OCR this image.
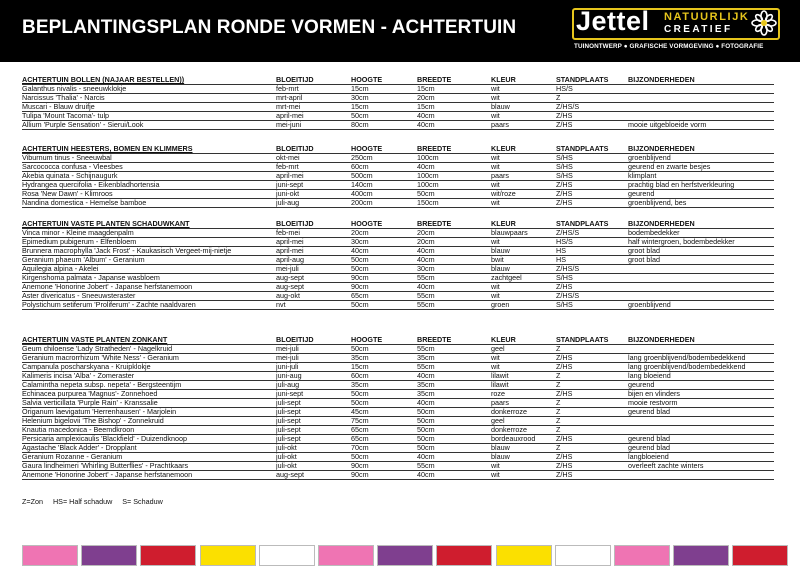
BEPLANTINGSPLAN RONDE VORMEN - ACHTERTUIN Jettel NATUURLIJK
CREATIEF
TUINONTWERP ● GRAFISCHE VORMGEVING ● FOTOGRAFIE
ACHTERTUIN BOLLEN (NAJAAR BESTELLEN))	BLOEITIJD	HOOGTE	BREEDTE	KLEUR	STANDPLAATS	BIJZONDERHEDEN
Galanthus nivalis - sneeuwklokje	feb-mrt	15cm	15cm	wit	HS/S	
Narcissus 'Thalia' - Narcis	mrt-april	30cm	20cm	wit	Z	
Muscari - Blauw druifje	mrt-mei	15cm	15cm	blauw	Z/HS/S	
Tulipa 'Mount Tacoma'- tulp	april-mei	50cm	40cm	wit	Z/HS	
Allium 'Purple Sensation' - Sierui/Look	mei-juni	80cm	40cm	paars	Z/HS	mooie uitgebloeide vorm
ACHTERTUIN HEESTERS, BOMEN EN KLIMMERS	BLOEITIJD	HOOGTE	BREEDTE	KLEUR	STANDPLAATS	BIJZONDERHEDEN
Viburnum tinus - Sneeuwbal	okt-mei	250cm	100cm	wit	S/HS	groenblijvend
Sarcococca confusa - Vleesbes	feb-mrt	60cm	40cm	wit	S/HS	geurend en zwarte besjes
Akebia quinata - Schijnaugurk	april-mei	500cm	100cm	paars	S/HS	klimplant
Hydrangea quercifolia - Eikenbladhortensia	juni-sept	140cm	100cm	wit	Z/HS	prachtig blad en herfstverkleuring
Rosa 'New Dawn' - Klimroos	juni-okt	400cm	50cm	wit/roze	Z/HS	geurend
Nandina domestica - Hemelse bamboe	juli-aug	200cm	150cm	wit	Z/HS	groenblijvend, bes
ACHTERTUIN VASTE PLANTEN SCHADUWKANT	BLOEITIJD	HOOGTE	BREEDTE	KLEUR	STANDPLAATS	BIJZONDERHEDEN
Vinca minor - Kleine maagdenpalm	feb-mei	20cm	20cm	blauwpaars	Z/HS/S	bodembedekker
Epimedium pubigerum - Elfenbloem	april-mei	30cm	20cm	wit	HS/S	half wintergroen, bodembedekker
Brunnera macrophylla 'Jack Frost' - Kaukasisch Vergeet-mij-nietje	april-mei	40cm	40cm	blauw	HS	groot blad
Geranium phaeum 'Album' - Geranium	april-aug	50cm	40cm	bwit	HS	groot blad
Aquilegia alpina - Akelei	mei-juli	50cm	30cm	blauw	Z/HS/S	
Kirgenshoma palmata - Japanse wasbloem	aug-sept	90cm	55cm	zachtgeel	S/HS	
Anemone 'Honorine Jobert' - Japanse herfstanemoon	aug-sept	90cm	40cm	wit	Z/HS	
Aster divericatus - Sneeuwsteraster	aug-okt	65cm	55cm	wit	Z/HS/S	
Polystichum setiferum 'Proliferum' - Zachte naaldvaren	nvt	50cm	55cm	groen	S/HS	groenblijvend
ACHTERTUIN VASTE PLANTEN ZONKANT	BLOEITIJD	HOOGTE	BREEDTE	KLEUR	STANDPLAATS	BIJZONDERHEDEN
Geum chiloense 'Lady Stratheden' - Nagelkruid	mei-juli	50cm	55cm	geel	Z	
Geranium macrorrhizum 'White Ness' - Geranium	mei-juli	35cm	35cm	wit	Z/HS	lang groenblijvend/bodembedekkend
Campanula poscharskyana - Kruipklokje	juni-juli	15cm	55cm	wit	Z/HS	lang groenblijvend/bodembedekkend
Kalimeris incisa 'Alba' - Zomeraster	juni-aug	60cm	40cm	lilawit	Z	lang bloeiend
Calamintha nepeta subsp. nepeta' - Bergsteentijm	juli-aug	35cm	35cm	lilawit	Z	geurend
Echinacea purpurea 'Magnus'- Zonnehoed	juni-sept	50cm	35cm	roze	Z/HS	bijen en vlinders
Salvia verticillata 'Purple Rain' - Kranssalie	juli-sept	50cm	40cm	paars	Z	mooie restvorm
Origanum laevigatum 'Herrenhausen' - Marjolein	juli-sept	45cm	50cm	donkerroze	Z	geurend blad
Helenium bigelovii 'The Bishop' - Zonnekruid	juli-sept	75cm	50cm	geel	Z	
Knautia macedonica - Beemdkroon	juli-sept	65cm	50cm	donkerroze	Z	
Persicaria amplexicaulis 'Blackfield' - Duizendknoop	juli-sept	65cm	50cm	bordeauxrood	Z/HS	geurend blad
Agastache 'Black Adder' - Dropplant	juli-okt	70cm	50cm	blauw	Z	geurend blad
Geranium Rozanne - Geranium	juli-okt	50cm	40cm	blauw	Z/HS	langbloeiend
Gaura lindheimeri 'Whirling Butterflies' - Prachtkaars	juli-okt	90cm	55cm	wit	Z/HS	overleeft zachte winters
Anemone 'Honorine Jobert' - Japanse herfstanemoon	aug-sept	90cm	40cm	wit	Z/HS	
Z=Zon     HS= Half schaduw     S= Schaduw
